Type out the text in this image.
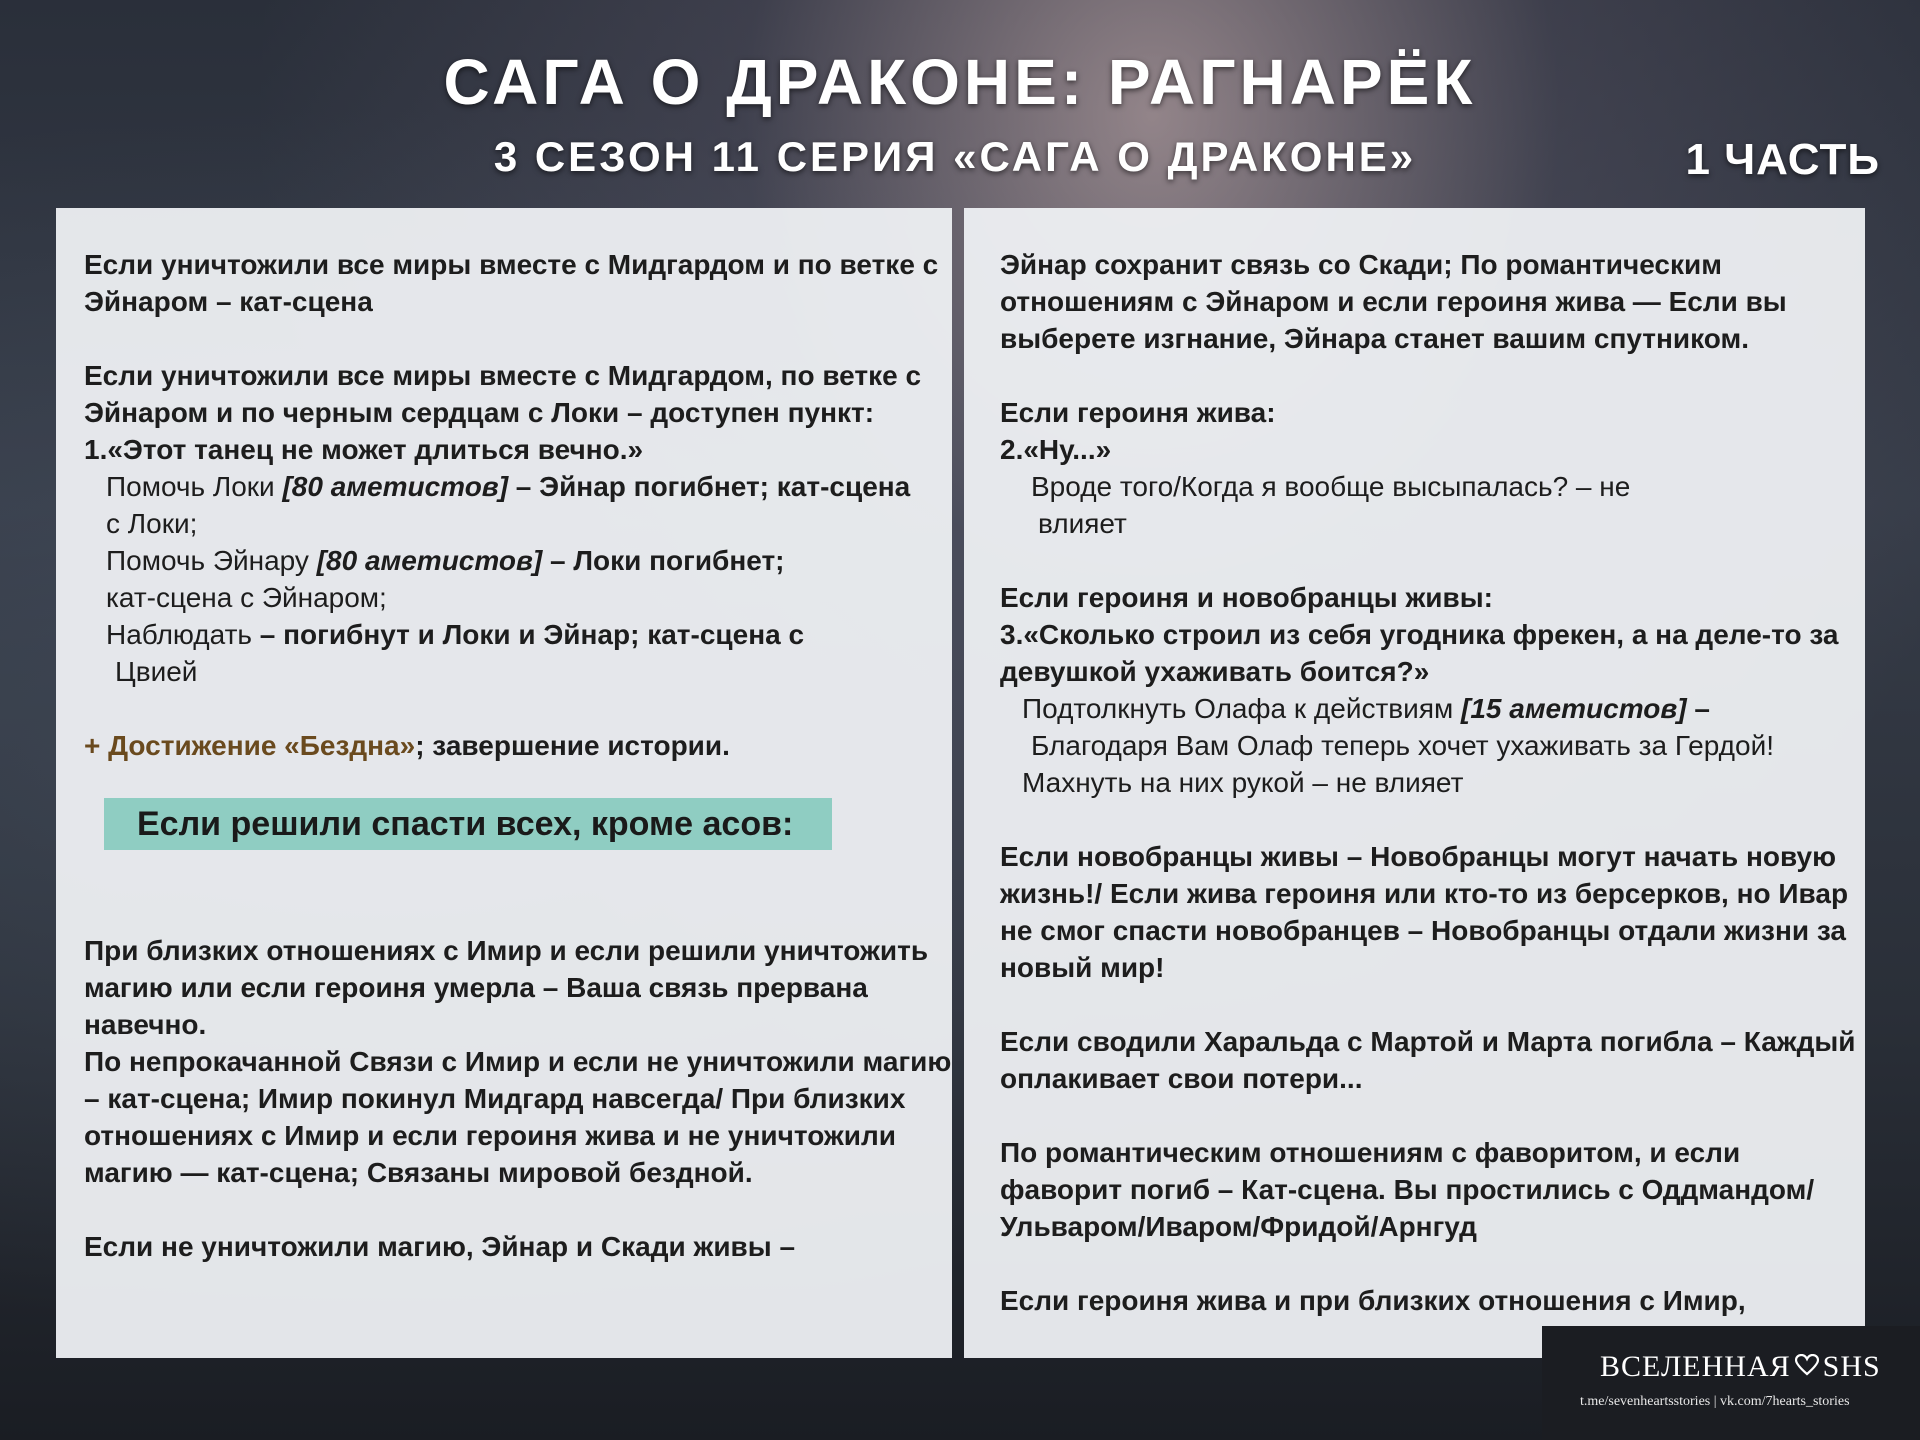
САГА О ДРАКОНЕ: РАГНАРЁК
3 СЕЗОН 11 СЕРИЯ «САГА О ДРАКОНЕ»	1 ЧАСТЬ

Если уничтожили все миры вместе с Мидгардом и по ветке с Эйнаром – кат-сцена

Если уничтожили все миры вместе с Мидгардом, по ветке с Эйнаром и по черным сердцам с Локи – доступен пункт:

1.«Этот танец не может длиться вечно.»

Помочь Локи [80 аметистов] – Эйнар погибнет; кат-сцена

с Локи;

Помочь Эйнару [80 аметистов] – Локи погибнет;

кат-сцена с Эйнаром;

Наблюдать – погибнут и Локи и Эйнар; кат-сцена с

Цвией

+ Достижение «Бездна»; завершение истории.

Если решили спасти всех, кроме асов:

При близких отношениях с Имир и если решили уничтожить магию или если героиня умерла – Ваша связь прервана навечно.

По непрокачанной Связи с Имир и если не уничтожили магию – кат-сцена; Имир покинул Мидгард навсегда/ При близких отношениях с Имир и если героиня жива и не уничтожили магию — кат-сцена; Связаны мировой бездной.

Если не уничтожили магию, Эйнар и Скади живы –

Эйнар сохранит связь со Скади; По романтическим отношениям с Эйнаром и если героиня жива — Если вы выберете изгнание, Эйнара станет вашим спутником.

Если героиня жива:

2.«Ну...»

Вроде того/Когда я вообще высыпалась? – не

влияет

Если героиня и новобранцы живы:

3.«Сколько строил из себя угодника фрекен, а на деле-то за девушкой ухаживать боится?»

Подтолкнуть Олафа к действиям [15 аметистов] –

Благодаря Вам Олаф теперь хочет ухаживать за Гердой!

Махнуть на них рукой – не влияет

Если новобранцы живы – Новобранцы могут начать новую жизнь!/ Если жива героиня или кто-то из берсерков, но Ивар не смог спасти новобранцев – Новобранцы отдали жизни за новый мир!

Если сводили Харальда с Мартой и Марта погибла – Каждый оплакивает свои потери...

По романтическим отношениям с фаворитом, и если фаворит погиб – Кат-сцена. Вы простились с Оддмандом/ Ульваром/Иваром/Фридой/Арнгуд

Если героиня жива и при близких отношения с Имир,

ВСЕЛЕННАЯ SHS
t.me/sevenheartsstories | vk.com/7hearts_stories
